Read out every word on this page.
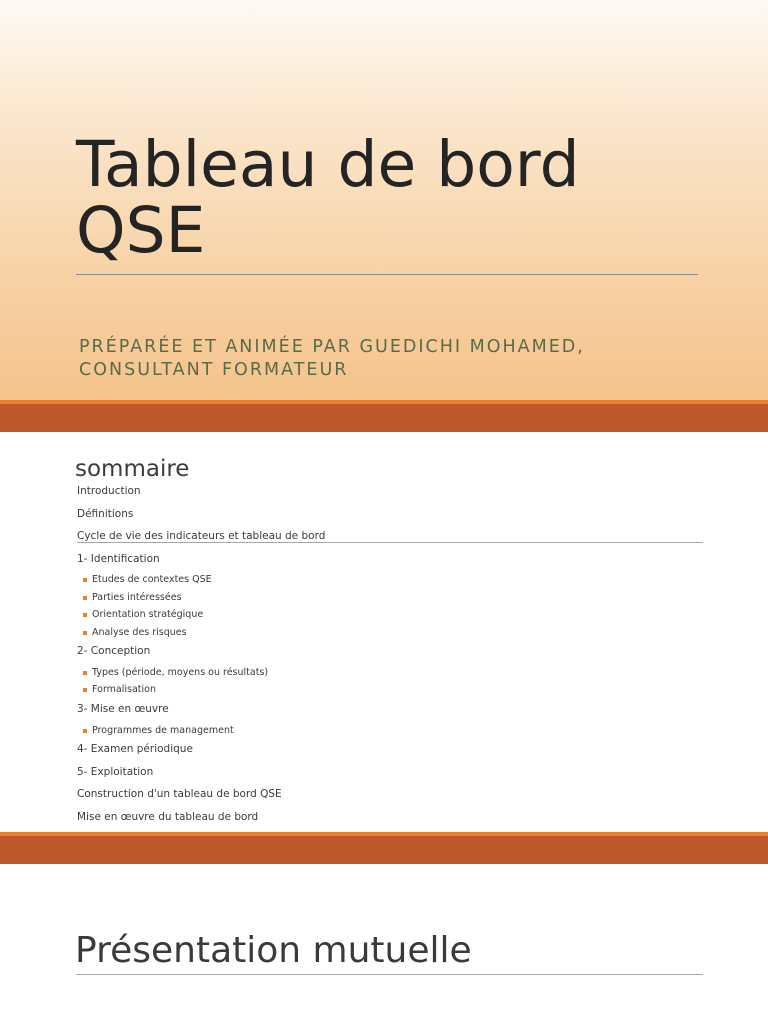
Tableau de bord
QSE
PRÉPARÉE ET ANIMÉE PAR GUEDICHI MOHAMED,
CONSULTANT FORMATEUR
sommaire
Introduction
Définitions
Cycle de vie des indicateurs et tableau de bord
1- Identification
Etudes de contextes QSE
Parties intéressées
Orientation stratégique
Analyse des risques
2- Conception
Types (période, moyens ou résultats)
Formalisation
3- Mise en œuvre
Programmes de management
4- Examen périodique
5- Exploitation
Construction d'un tableau de bord QSE
Mise en œuvre du tableau de bord
Présentation mutuelle
